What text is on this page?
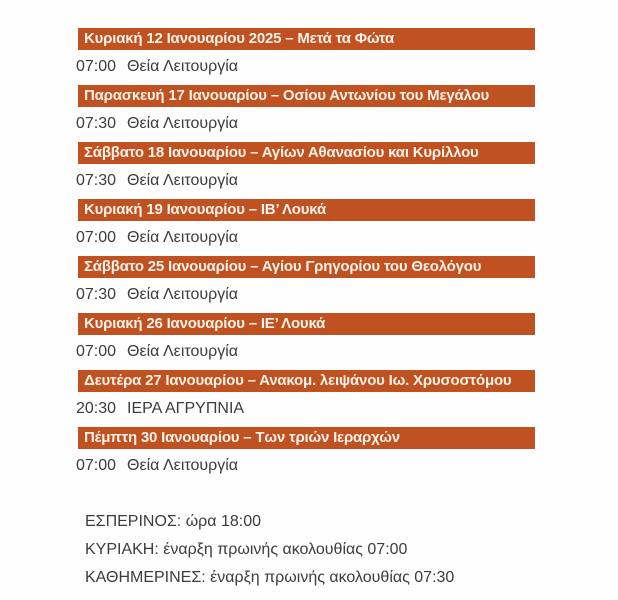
Κυριακή 12 Ιανουαρίου 2025 – Μετά τα Φώτα
07:00 Θεία Λειτουργία
Παρασκευή 17 Ιανουαρίου – Οσίου Αντωνίου του Μεγάλου
07:30 Θεία Λειτουργία
Σάββατο 18 Ιανουαρίου – Αγίων Αθανασίου και Κυρίλλου
07:30 Θεία Λειτουργία
Κυριακή 19 Ιανουαρίου – ΙΒ’ Λουκά
07:00 Θεία Λειτουργία
Σάββατο 25 Ιανουαρίου – Αγίου Γρηγορίου του Θεολόγου
07:30 Θεία Λειτουργία
Κυριακή 26 Ιανουαρίου – ΙΕ’ Λουκά
07:00 Θεία Λειτουργία
Δευτέρα 27 Ιανουαρίου – Ανακομ. λειψάνου Ιω. Χρυσοστόμου
20:30 ΙΕΡΑ ΑΓΡΥΠΝΙΑ
Πέμπτη 30 Ιανουαρίου – Των τριών Ιεραρχών
07:00 Θεία Λειτουργία
ΕΣΠΕΡΙΝΟΣ: ώρα 18:00
ΚΥΡΙΑΚΗ: έναρξη πρωινής ακολουθίας 07:00
ΚΑΘΗΜΕΡΙΝΕΣ: έναρξη πρωινής ακολουθίας 07:30
